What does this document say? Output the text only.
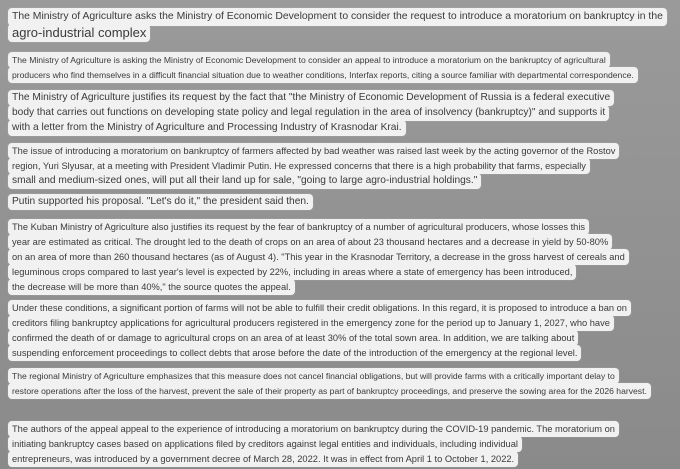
The Ministry of Agriculture asks the Ministry of Economic Development to consider the request to introduce a moratorium on bankruptcy in the
agro-industrial complex
The Ministry of Agriculture is asking the Ministry of Economic Development to consider an appeal to introduce a moratorium on the bankruptcy of agricultural
producers who find themselves in a difficult financial situation due to weather conditions, Interfax reports, citing a source familiar with departmental correspondence.
The Ministry of Agriculture justifies its request by the fact that "the Ministry of Economic Development of Russia is a federal executive
body that carries out functions on developing state policy and legal regulation in the area of insolvency (bankruptcy)" and supports it
with a letter from the Ministry of Agriculture and Processing Industry of Krasnodar Krai.
The issue of introducing a moratorium on bankruptcy of farmers affected by bad weather was raised last week by the acting governor of the Rostov
region, Yuri Slyusar, at a meeting with President Vladimir Putin. He expressed concerns that there is a high probability that farms, especially
small and medium-sized ones, will put all their land up for sale, "going to large agro-industrial holdings."
Putin supported his proposal. "Let's do it," the president said then.
The Kuban Ministry of Agriculture also justifies its request by the fear of bankruptcy of a number of agricultural producers, whose losses this
year are estimated as critical. The drought led to the death of crops on an area of about 23 thousand hectares and a decrease in yield by 50-80%
on an area of more than 260 thousand hectares (as of August 4). "This year in the Krasnodar Territory, a decrease in the gross harvest of cereals and
leguminous crops compared to last year's level is expected by 22%, including in areas where a state of emergency has been introduced,
the decrease will be more than 40%," the source quotes the appeal.
Under these conditions, a significant portion of farms will not be able to fulfill their credit obligations. In this regard, it is proposed to introduce a ban on
creditors filing bankruptcy applications for agricultural producers registered in the emergency zone for the period up to January 1, 2027, who have
confirmed the death of or damage to agricultural crops on an area of at least 30% of the total sown area. In addition, we are talking about
suspending enforcement proceedings to collect debts that arose before the date of the introduction of the emergency at the regional level.
The regional Ministry of Agriculture emphasizes that this measure does not cancel financial obligations, but will provide farms with a critically important delay to
restore operations after the loss of the harvest, prevent the sale of their property as part of bankruptcy proceedings, and preserve the sowing area for the 2026 harvest.
The authors of the appeal appeal to the experience of introducing a moratorium on bankruptcy during the COVID-19 pandemic. The moratorium on
initiating bankruptcy cases based on applications filed by creditors against legal entities and individuals, including individual
entrepreneurs, was introduced by a government decree of March 28, 2022. It was in effect from April 1 to October 1, 2022.
